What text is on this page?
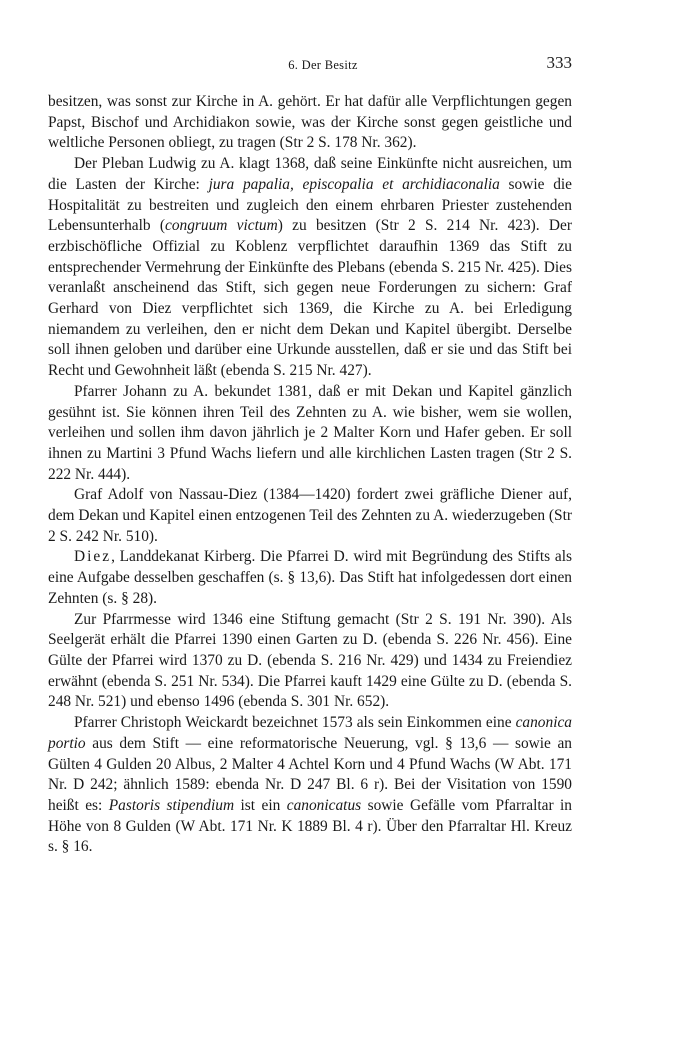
6. Der Besitz	333

besitzen, was sonst zur Kirche in A. gehört. Er hat dafür alle Verpflichtungen gegen Papst, Bischof und Archidiakon sowie, was der Kirche sonst gegen geistliche und weltliche Personen obliegt, zu tragen (Str 2 S. 178 Nr. 362).

Der Pleban Ludwig zu A. klagt 1368, daß seine Einkünfte nicht ausreichen, um die Lasten der Kirche: jura papalia, episcopalia et archidiaconalia sowie die Hospitalität zu bestreiten und zugleich den einem ehrbaren Priester zustehenden Lebensunterhalb (congruum victum) zu besitzen (Str 2 S. 214 Nr. 423). Der erzbischöfliche Offizial zu Koblenz verpflichtet daraufhin 1369 das Stift zu entsprechender Vermehrung der Einkünfte des Plebans (ebenda S. 215 Nr. 425). Dies veranlaßt anscheinend das Stift, sich gegen neue Forderungen zu sichern: Graf Gerhard von Diez verpflichtet sich 1369, die Kirche zu A. bei Erledigung niemandem zu verleihen, den er nicht dem Dekan und Kapitel übergibt. Derselbe soll ihnen geloben und darüber eine Urkunde ausstellen, daß er sie und das Stift bei Recht und Gewohnheit läßt (ebenda S. 215 Nr. 427).

Pfarrer Johann zu A. bekundet 1381, daß er mit Dekan und Kapitel gänzlich gesühnt ist. Sie können ihren Teil des Zehnten zu A. wie bisher, wem sie wollen, verleihen und sollen ihm davon jährlich je 2 Malter Korn und Hafer geben. Er soll ihnen zu Martini 3 Pfund Wachs liefern und alle kirchlichen Lasten tragen (Str 2 S. 222 Nr. 444).

Graf Adolf von Nassau-Diez (1384—1420) fordert zwei gräfliche Diener auf, dem Dekan und Kapitel einen entzogenen Teil des Zehnten zu A. wiederzugeben (Str 2 S. 242 Nr. 510).

Diez, Landdekanat Kirberg. Die Pfarrei D. wird mit Begründung des Stifts als eine Aufgabe desselben geschaffen (s. § 13,6). Das Stift hat infolgedessen dort einen Zehnten (s. § 28).

Zur Pfarrmesse wird 1346 eine Stiftung gemacht (Str 2 S. 191 Nr. 390). Als Seelgerät erhält die Pfarrei 1390 einen Garten zu D. (ebenda S. 226 Nr. 456). Eine Gülte der Pfarrei wird 1370 zu D. (ebenda S. 216 Nr. 429) und 1434 zu Freiendiez erwähnt (ebenda S. 251 Nr. 534). Die Pfarrei kauft 1429 eine Gülte zu D. (ebenda S. 248 Nr. 521) und ebenso 1496 (ebenda S. 301 Nr. 652).

Pfarrer Christoph Weickardt bezeichnet 1573 als sein Einkommen eine canonica portio aus dem Stift — eine reformatorische Neuerung, vgl. § 13,6 — sowie an Gülten 4 Gulden 20 Albus, 2 Malter 4 Achtel Korn und 4 Pfund Wachs (W Abt. 171 Nr. D 242; ähnlich 1589: ebenda Nr. D 247 Bl. 6 r). Bei der Visitation von 1590 heißt es: Pastoris stipendium ist ein canonicatus sowie Gefälle vom Pfarraltar in Höhe von 8 Gulden (W Abt. 171 Nr. K 1889 Bl. 4 r). Über den Pfarraltar Hl. Kreuz s. § 16.
